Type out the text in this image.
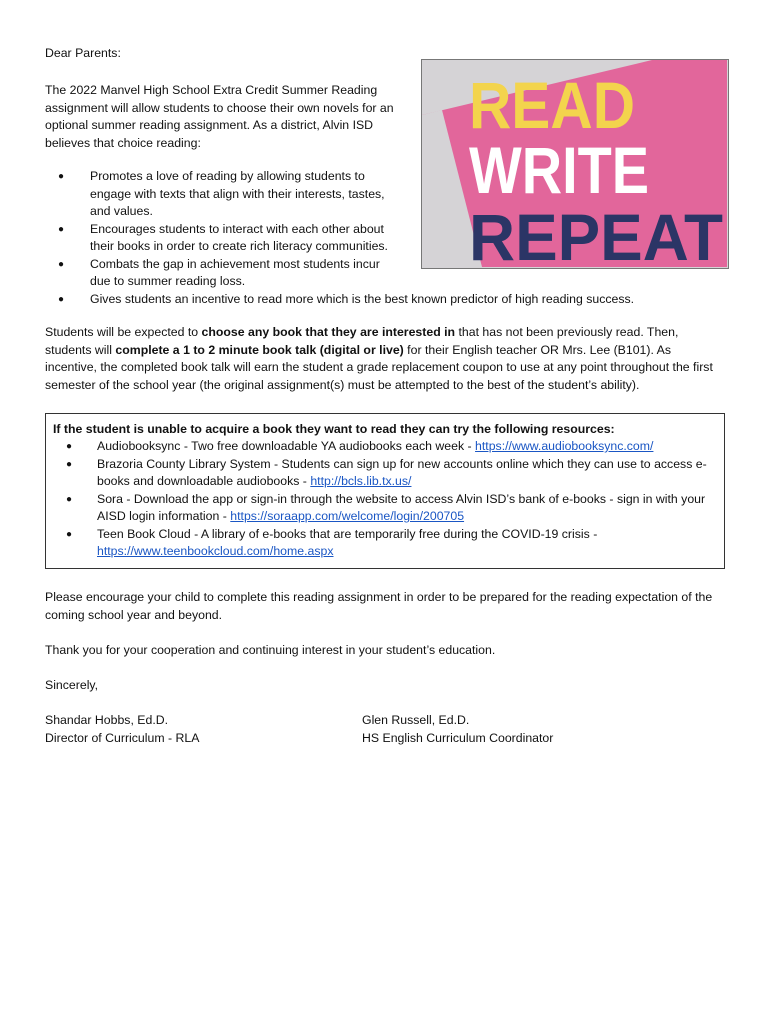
Dear Parents:

The 2022 Manvel High School Extra Credit Summer Reading assignment will allow students to choose their own novels for an optional summer reading assignment. As a district, Alvin ISD believes that choice reading:

READ
WRITE
REPEAT
● Promotes a love of reading by allowing students to engage with texts that align with their interests, tastes, and values.
● Encourages students to interact with each other about their books in order to create rich literacy communities.
● Combats the gap in achievement most students incur due to summer reading loss.
● Gives students an incentive to read more which is the best known predictor of high reading success.

Students will be expected to choose any book that they are interested in that has not been previously read. Then, students will complete a 1 to 2 minute book talk (digital or live) for their English teacher OR Mrs. Lee (B101). As incentive, the completed book talk will earn the student a grade replacement coupon to use at any point throughout the first semester of the school year (the original assignment(s) must be attempted to the best of the student’s ability).

If the student is unable to acquire a book they want to read they can try the following resources:
● Audiobooksync - Two free downloadable YA audiobooks each week - https://www.audiobooksync.com/
● Brazoria County Library System - Students can sign up for new accounts online which they can use to access e-books and downloadable audiobooks - http://bcls.lib.tx.us/
● Sora - Download the app or sign-in through the website to access Alvin ISD’s bank of e-books - sign in with your AISD login information - https://soraapp.com/welcome/login/200705
● Teen Book Cloud - A library of e-books that are temporarily free during the COVID-19 crisis - https://www.teenbookcloud.com/home.aspx

Please encourage your child to complete this reading assignment in order to be prepared for the reading expectation of the coming school year and beyond.

Thank you for your cooperation and continuing interest in your student’s education.

Sincerely,

Shandar Hobbs, Ed.D.
Director of Curriculum - RLA
Glen Russell, Ed.D.
HS English Curriculum Coordinator
